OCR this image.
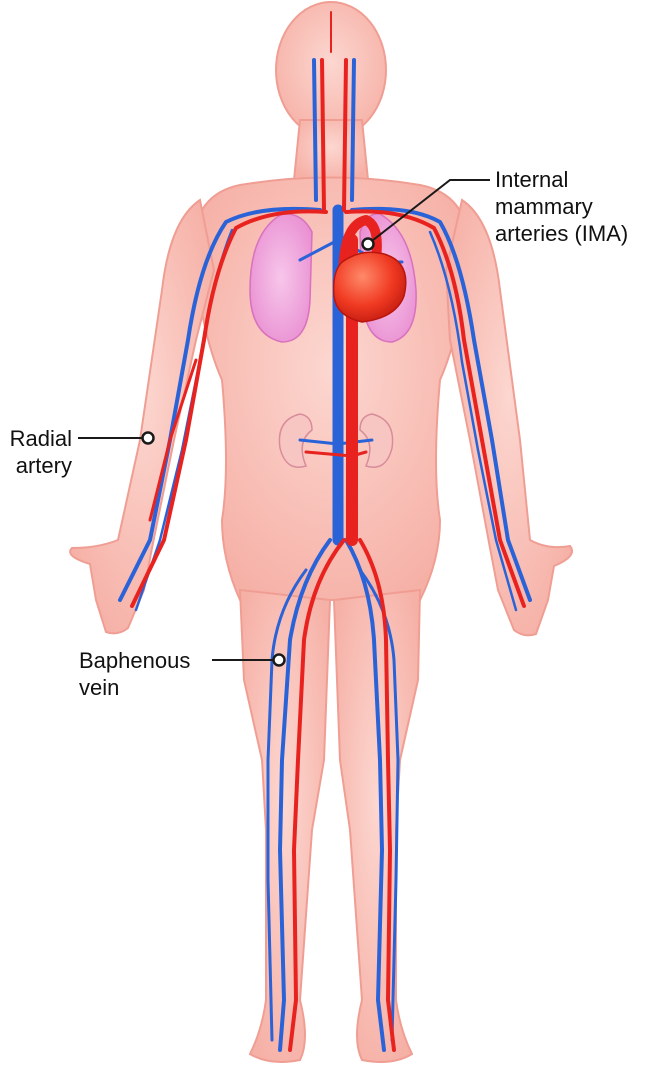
Internal
mammary
arteries (IMA)
Radial
artery
Baphenous
vein
